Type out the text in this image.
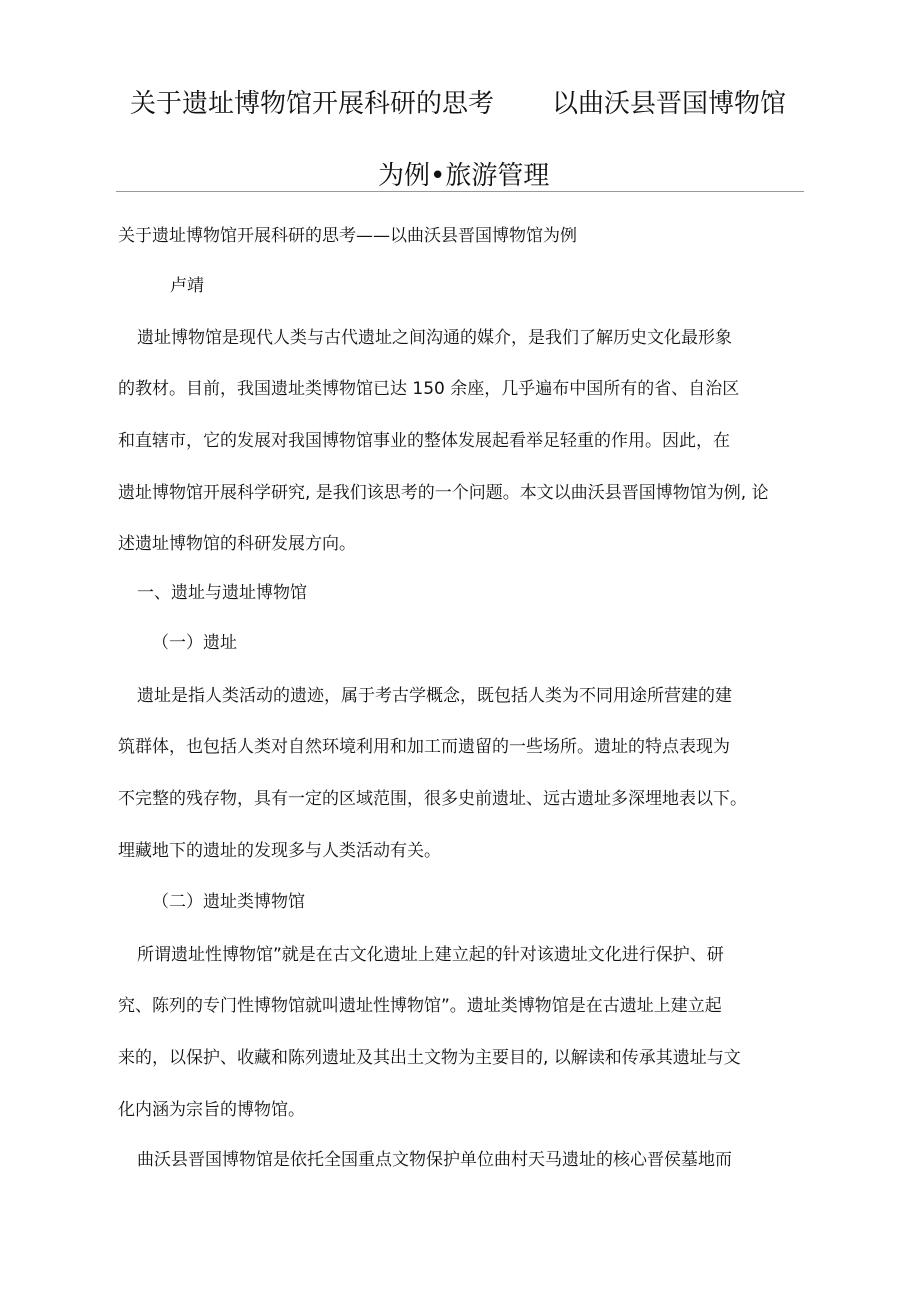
关于遗址博物馆开展科研的思考 以曲沃县晋国博物馆
为例•旅游管理
关于遗址博物馆开展科研的思考——以曲沃县晋国博物馆为例
卢靖
遗址博物馆是现代人类与古代遗址之间沟通的媒介，是我们了解历史文化最形象
的教材。目前，我国遗址类博物馆已达 150 余座，几乎遍布中国所有的省、自治区
和直辖市，它的发展对我国博物馆事业的整体发展起看举足轻重的作用。因此，在
遗址博物馆开展科学研究, 是我们该思考的一个问题。本文以曲沃县晋国博物馆为例, 论
述遗址博物馆的科研发展方向。
一、遗址与遗址博物馆
（一）遗址
遗址是指人类活动的遗迹，属于考古学概念，既包括人类为不同用途所营建的建
筑群体，也包括人类对自然环境利用和加工而遗留的一些场所。遗址的特点表现为
不完整的残存物，具有一定的区域范围，很多史前遗址、远古遗址多深埋地表以下。
埋藏地下的遗址的发现多与人类活动有关。
（二）遗址类博物馆
所谓遗址性博物馆”就是在古文化遗址上建立起的针对该遗址文化进行保护、研
究、陈列的专门性博物馆就叫遗址性博物馆”。遗址类博物馆是在古遗址上建立起
来的，以保护、收藏和陈列遗址及其出土文物为主要目的, 以解读和传承其遗址与文
化内涵为宗旨的博物馆。
曲沃县晋国博物馆是依托全国重点文物保护单位曲村天马遗址的核心晋侯墓地而
